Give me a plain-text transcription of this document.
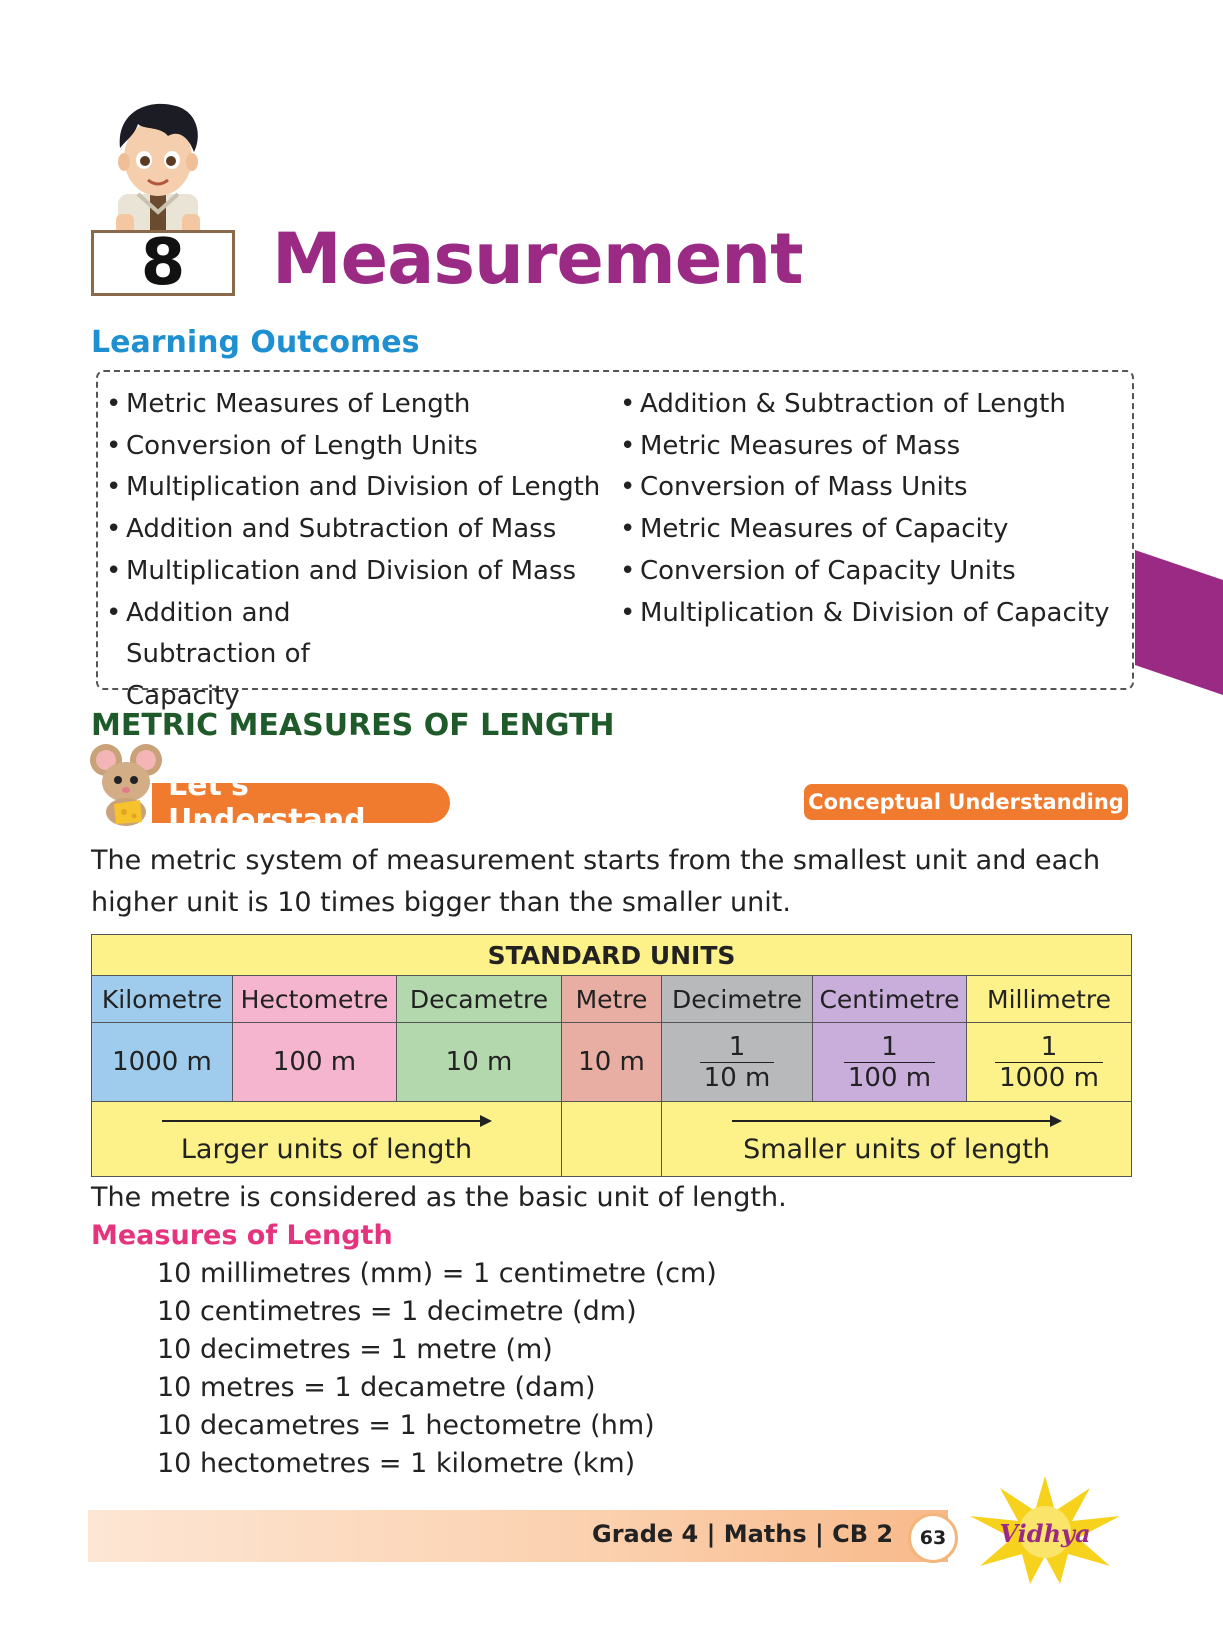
8 Measurement
Learning Outcomes
• Metric Measures of Length
• Conversion of Length Units
• Multiplication and Division of Length
• Addition and Subtraction of Mass
• Multiplication and Division of Mass
• Addition and Subtraction of Capacity
• Addition & Subtraction of Length
• Metric Measures of Mass
• Conversion of Mass Units
• Metric Measures of Capacity
• Conversion of Capacity Units
• Multiplication & Division of Capacity
METRIC MEASURES OF LENGTH
Let's Understand
Conceptual Understanding
The metric system of measurement starts from the smallest unit and each higher unit is 10 times bigger than the smaller unit.
STANDARD UNITS						
Kilometre	Hectometre	Decametre	Metre	Decimetre	Centimetre	Millimetre
1000 m	100 m	10 m	10 m	$\frac{1}{10 m}$	$\frac{1}{100 m}$	$\frac{1}{1000 m}$

Larger units of length				Smaller units of length		
The metre is considered as the basic unit of length.
Measures of Length
10 millimetres (mm) = 1 centimetre (cm)
10 centimetres = 1 decimetre (dm)
10 decimetres = 1 metre (m)
10 metres = 1 decametre (dam)
10 decametres = 1 hectometre (hm)
10 hectometres = 1 kilometre (km)
Grade 4 | Maths | CB 2 63 Vidhya
